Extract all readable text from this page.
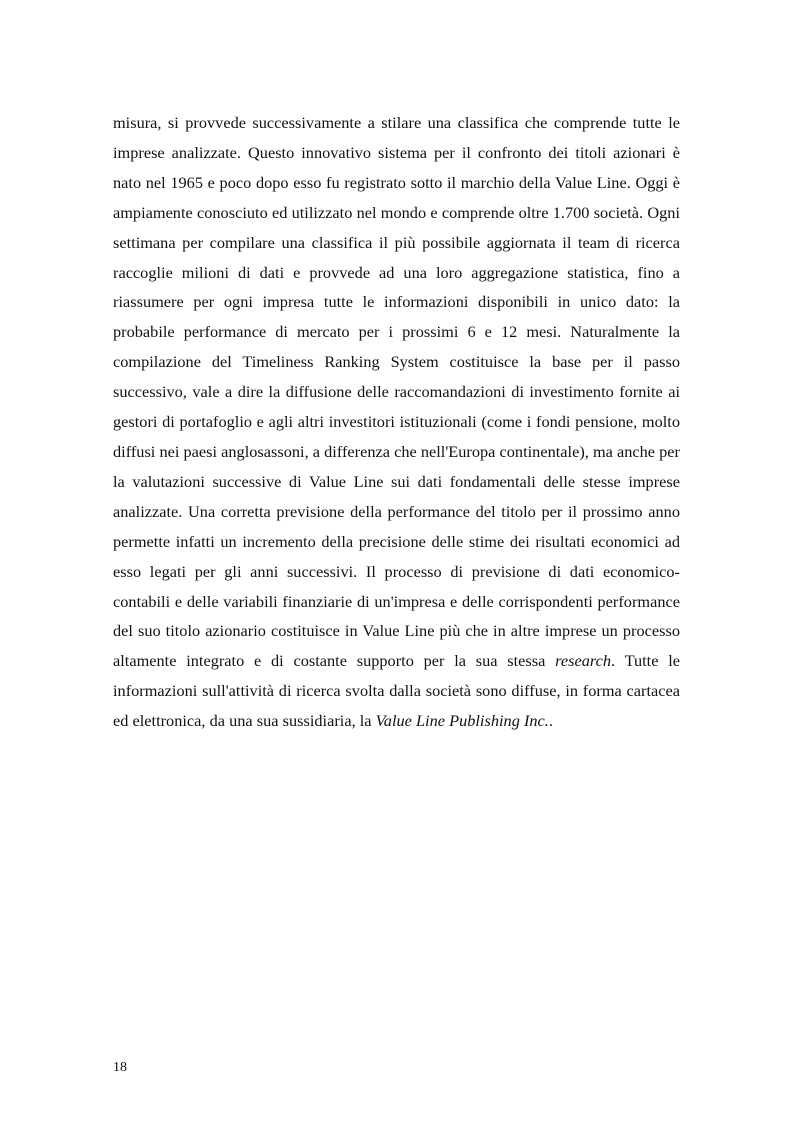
misura, si provvede successivamente a stilare una classifica che comprende tutte le imprese analizzate. Questo innovativo sistema per il confronto dei titoli azionari è nato nel 1965 e poco dopo esso fu registrato sotto il marchio della Value Line. Oggi è ampiamente conosciuto ed utilizzato nel mondo e comprende oltre 1.700 società. Ogni settimana per compilare una classifica il più possibile aggiornata il team di ricerca raccoglie milioni di dati e provvede ad una loro aggregazione statistica, fino a riassumere per ogni impresa tutte le informazioni disponibili in unico dato: la probabile performance di mercato per i prossimi 6 e 12 mesi. Naturalmente la compilazione del Timeliness Ranking System costituisce la base per il passo successivo, vale a dire la diffusione delle raccomandazioni di investimento fornite ai gestori di portafoglio e agli altri investitori istituzionali (come i fondi pensione, molto diffusi nei paesi anglosassoni, a differenza che nell'Europa continentale), ma anche per la valutazioni successive di Value Line sui dati fondamentali delle stesse imprese analizzate. Una corretta previsione della performance del titolo per il prossimo anno permette infatti un incremento della precisione delle stime dei risultati economici ad esso legati per gli anni successivi. Il processo di previsione di dati economico-contabili e delle variabili finanziarie di un'impresa e delle corrispondenti performance del suo titolo azionario costituisce in Value Line più che in altre imprese un processo altamente integrato e di costante supporto per la sua stessa research. Tutte le informazioni sull'attività di ricerca svolta dalla società sono diffuse, in forma cartacea ed elettronica, da una sua sussidiaria, la Value Line Publishing Inc..

18
